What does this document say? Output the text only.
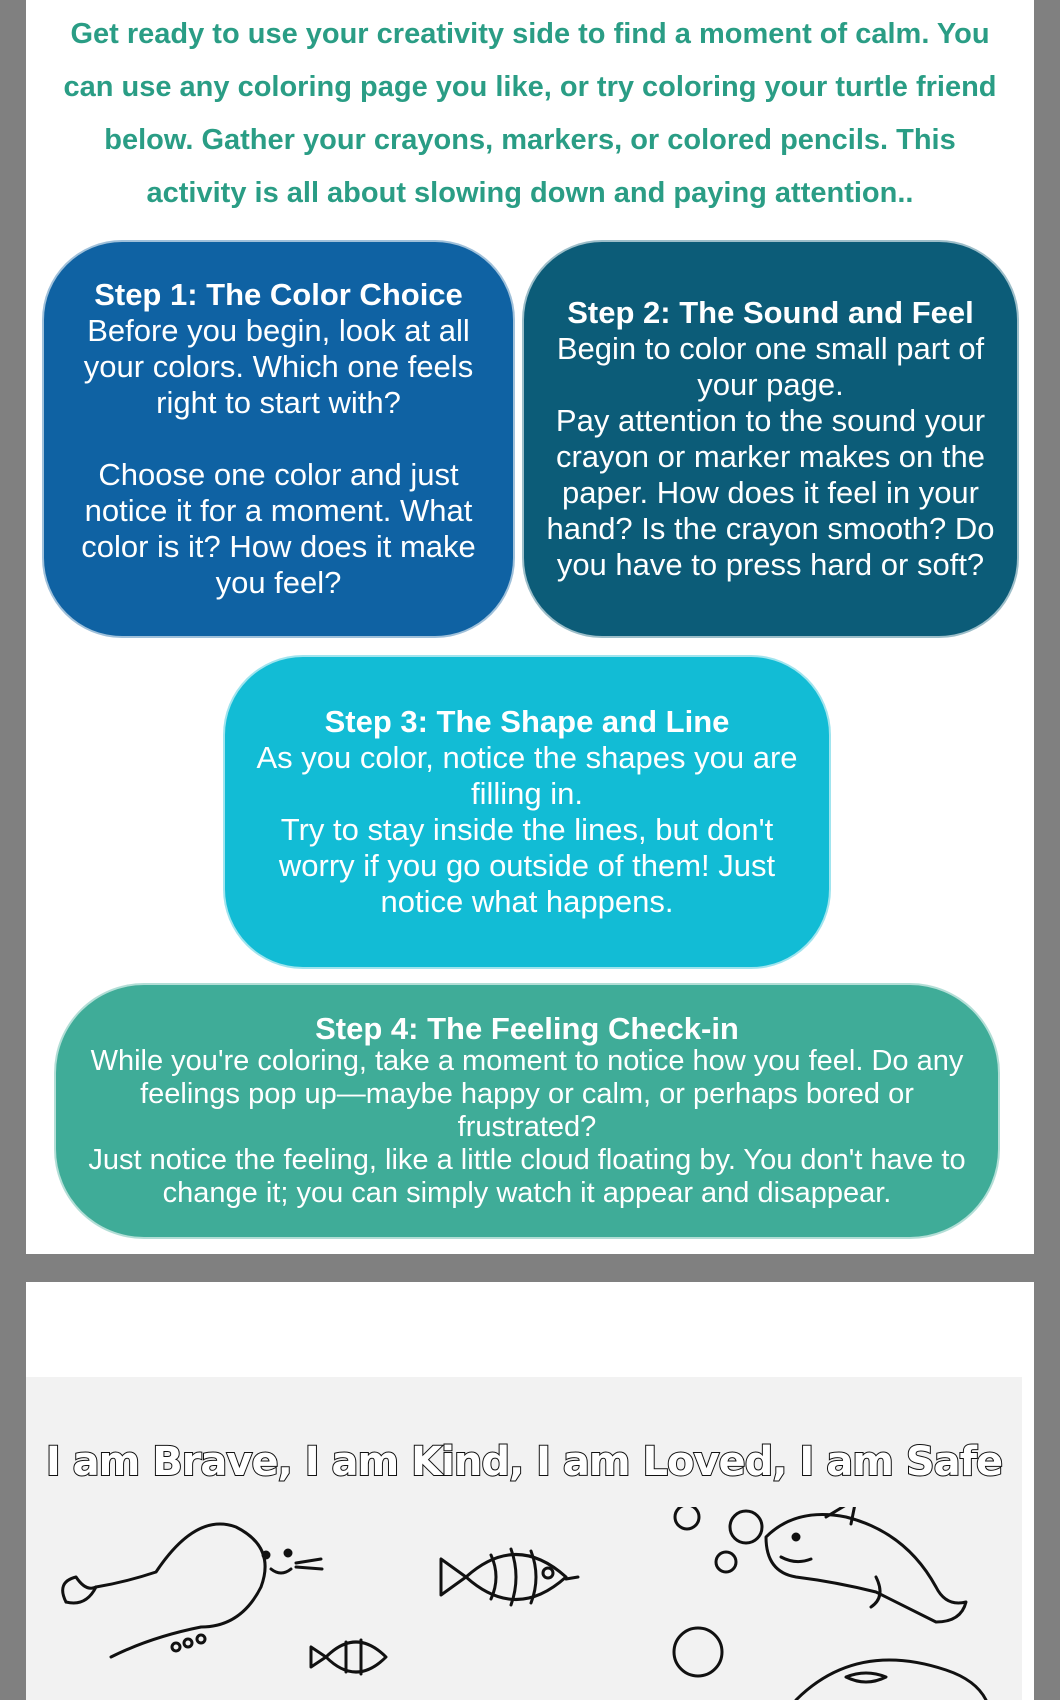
Get ready to use your creativity side to find a moment of calm. You can use any coloring page you like, or try coloring your turtle friend below. Gather your crayons, markers, or colored pencils. This activity is all about slowing down and paying attention..

Step 1: The Color Choice

Before you begin, look at all your colors. Which one feels right to start with?

Choose one color and just notice it for a moment. What color is it? How does it make you feel?

Step 2: The Sound and Feel

Begin to color one small part of your page.
Pay attention to the sound your crayon or marker makes on the paper. How does it feel in your hand? Is the crayon smooth? Do you have to press hard or soft?

Step 3: The Shape and Line

As you color, notice the shapes you are filling in.
Try to stay inside the lines, but don't worry if you go outside of them! Just notice what happens.

Step 4: The Feeling Check-in

While you're coloring, take a moment to notice how you feel. Do any feelings pop up—maybe happy or calm, or perhaps bored or frustrated?
Just notice the feeling, like a little cloud floating by. You don't have to change it; you can simply watch it appear and disappear.

I am Brave, I am Kind, I am Loved, I am Safe
